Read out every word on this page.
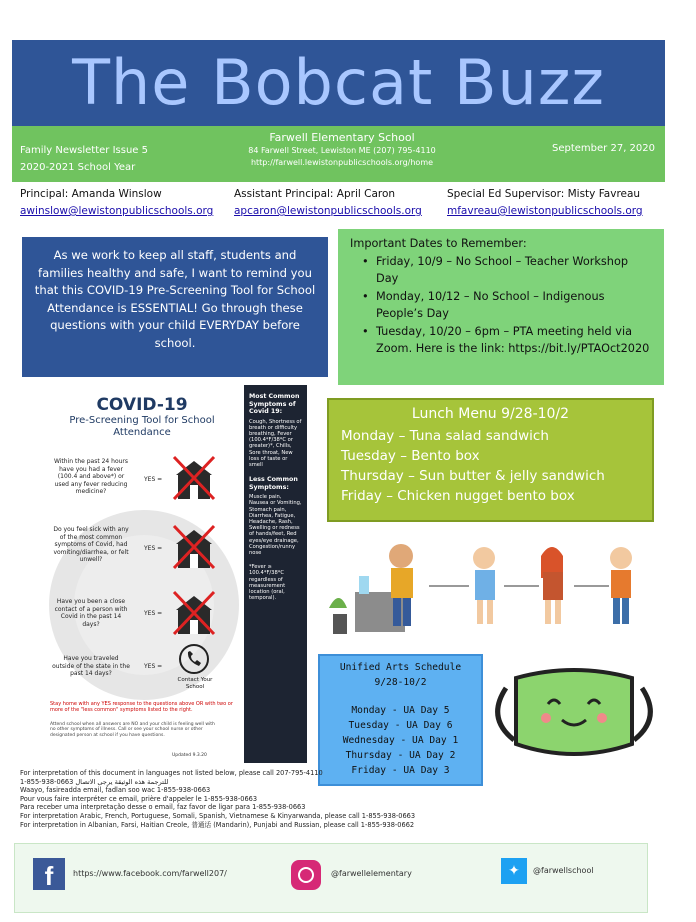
The Bobcat Buzz
Family Newsletter Issue 5
2020-2021 School Year
Farwell Elementary School
84 Farwell Street, Lewiston ME (207) 795-4110
http://farwell.lewistonpublicschools.org/home
September 27, 2020
Principal: Amanda Winslow
awinslow@lewistonpublicschools.org
Assistant Principal: April Caron
apcaron@lewistonpublicschools.org
Special Ed Supervisor: Misty Favreau
mfavreau@lewistonpublicschools.org
As we work to keep all staff, students and families healthy and safe, I want to remind you that this COVID-19 Pre-Screening Tool for School Attendance is ESSENTIAL! Go through these questions with your child EVERYDAY before school.
Important Dates to Remember:
• Friday, 10/9 – No School – Teacher Workshop Day
• Monday, 10/12 – No School – Indigenous People’s Day
• Tuesday, 10/20 – 6pm – PTA meeting held via Zoom. Here is the link: https://bit.ly/PTAOct2020
COVID-19
Pre-Screening Tool for School Attendance
Within the past 24 hours have you had a fever (100.4 and above*) or used any fever reducing medicine?
YES =
Do you feel sick with any of the most common symptoms of Covid, had vomiting/diarrhea, or felt unwell?
YES =
Have you been a close contact of a person with Covid in the past 14 days?
YES =
Have you traveled outside of the state in the past 14 days?
YES =
Contact Your School
Stay home with any YES response to the questions above OR with two or more of the "less common" symptoms listed to the right.
Attend school when all answers are NO and your child is feeling well with no other symptoms of illness. Call or see your school nurse or other designated person at school if you have questions.
Updated 9.3.20
Most Common Symptoms of Covid 19:
Cough, Shortness of breath or difficulty breathing, Fever (100.4*F/38*C or greater)*, Chills, Sore throat, New loss of taste or smell
Less Common Symptoms:
Muscle pain, Nausea or Vomiting, Stomach pain, Diarrhea, Fatigue, Headache, Rash, Swelling or redness of hands/feet, Red eyes/eye drainage, Congestion/runny nose
*Fever ≥ 100.4*F/38*C regardless of measurement location (oral, temporal).
Lunch Menu 9/28-10/2
Monday – Tuna salad sandwich
Tuesday – Bento box
Thursday – Sun butter & jelly sandwich
Friday – Chicken nugget bento box
Unified Arts Schedule
9/28-10/2
Monday - UA Day 5
Tuesday - UA Day 6
Wednesday - UA Day 1
Thursday - UA Day 2
Friday - UA Day 3
For interpretation of this document in languages not listed below, please call 207-795-4110
1-855-938-0663 للترجمة هذه الوثيقة يرجى الاتصال
Waayo, fasireadda email, fadlan soo wac 1-855-938-0663
Pour vous faire interpréter ce email, prière d'appeler le 1-855-938-0663
Para receber uma interpretação desse o email, faz favor de ligar para 1-855-938-0663
For interpretation Arabic, French, Portuguese, Somali, Spanish, Vietnamese & Kinyarwanda, please call 1-855-938-0663
For interpretation in Albanian, Farsi, Haitian Creole, 普通话 (Mandarin), Punjabi and Russian, please call 1-855-938-0662
f	https://www.facebook.com/farwell207/	@farwellelementary	✦	@farwellschool
